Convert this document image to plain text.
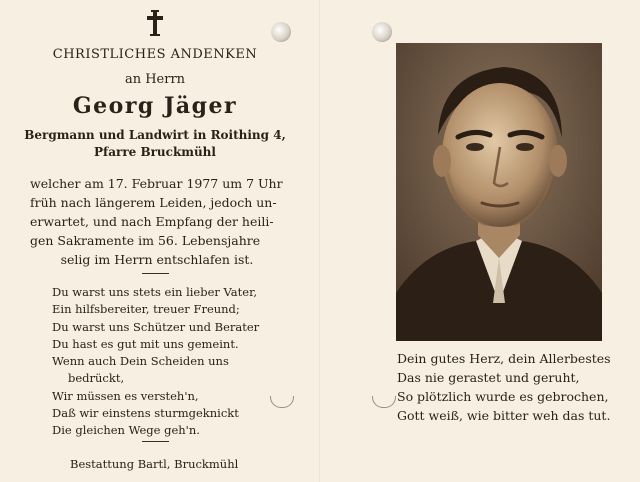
CHRISTLICHES ANDENKEN
an Herrn
Georg Jäger
Bergmann und Landwirt in Roithing 4,
Pfarre Bruckmühl
welcher am 17. Februar 1977 um 7 Uhr
früh nach längerem Leiden, jedoch un-
erwartet, und nach Empfang der heili-
gen Sakramente im 56. Lebensjahre
selig im Herrn entschlafen ist.
Du warst uns stets ein lieber Vater,
Ein hilfsbereiter, treuer Freund;
Du warst uns Schützer und Berater
Du hast es gut mit uns gemeint.
Wenn auch Dein Scheiden uns
bedrückt,
Wir müssen es versteh'n,
Daß wir einstens sturmgeknickt
Die gleichen Wege geh'n.
Bestattung Bartl, Bruckmühl
Dein gutes Herz, dein Allerbestes
Das nie gerastet und geruht,
So plötzlich wurde es gebrochen,
Gott weiß, wie bitter weh das tut.
